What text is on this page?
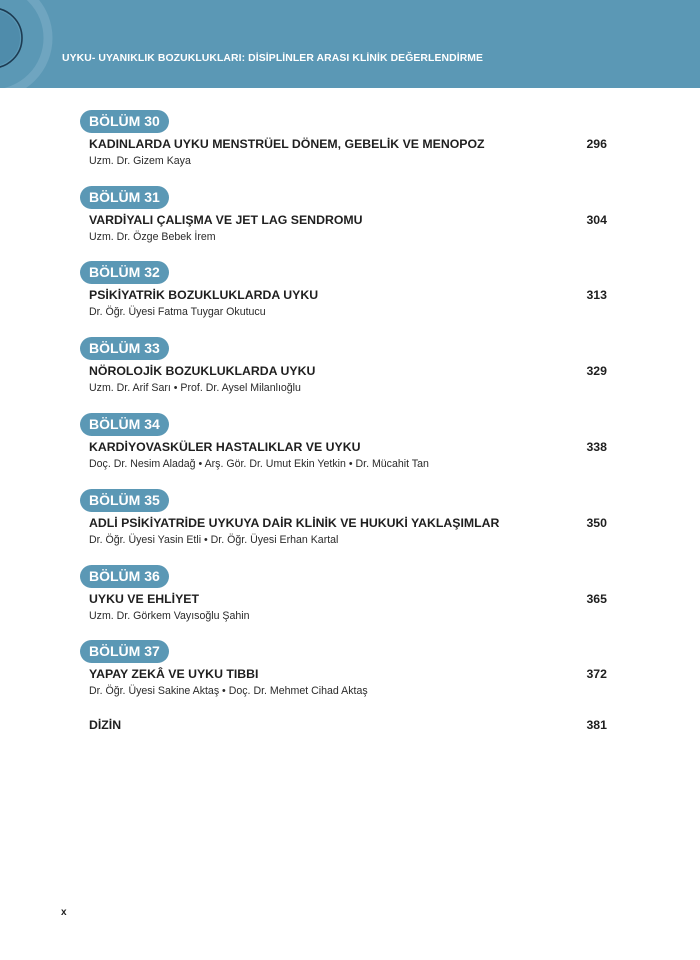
UYKU- UYANIKLIK BOZUKLUKLARI: DİSİPLİNLER ARASI KLİNİK DEĞERLENDİRME
BÖLÜM 30
KADINLARDA UYKU MENSTRÜEL DÖNEM, GEBELİK VE MENOPOZ	296
Uzm. Dr. Gizem Kaya
BÖLÜM 31
VARDİYALI ÇALIŞMA VE JET LAG SENDROMU	304
Uzm. Dr. Özge Bebek İrem
BÖLÜM 32
PSİKİYATRİK BOZUKLUKLARDA UYKU	313
Dr. Öğr. Üyesi Fatma Tuygar Okutucu
BÖLÜM 33
NÖROLOJİK BOZUKLUKLARDA UYKU	329
Uzm. Dr. Arif Sarı • Prof. Dr. Aysel Milanlıoğlu
BÖLÜM 34
KARDİYOVASKÜLER HASTALIKLAR VE UYKU	338
Doç. Dr. Nesim Aladağ • Arş. Gör. Dr. Umut Ekin Yetkin • Dr. Mücahit Tan
BÖLÜM 35
ADLİ PSİKİYATRİDE UYKUYA DAİR KLİNİK VE HUKUKİ YAKLAŞIMLAR	350
Dr. Öğr. Üyesi Yasin Etli • Dr. Öğr. Üyesi Erhan Kartal
BÖLÜM 36
UYKU VE EHLİYET	365
Uzm. Dr. Görkem Vayısoğlu Şahin
BÖLÜM 37
YAPAY ZEKÂ VE UYKU TIBBI	372
Dr. Öğr. Üyesi Sakine Aktaş • Doç. Dr. Mehmet Cihad Aktaş
DİZİN	381
x
